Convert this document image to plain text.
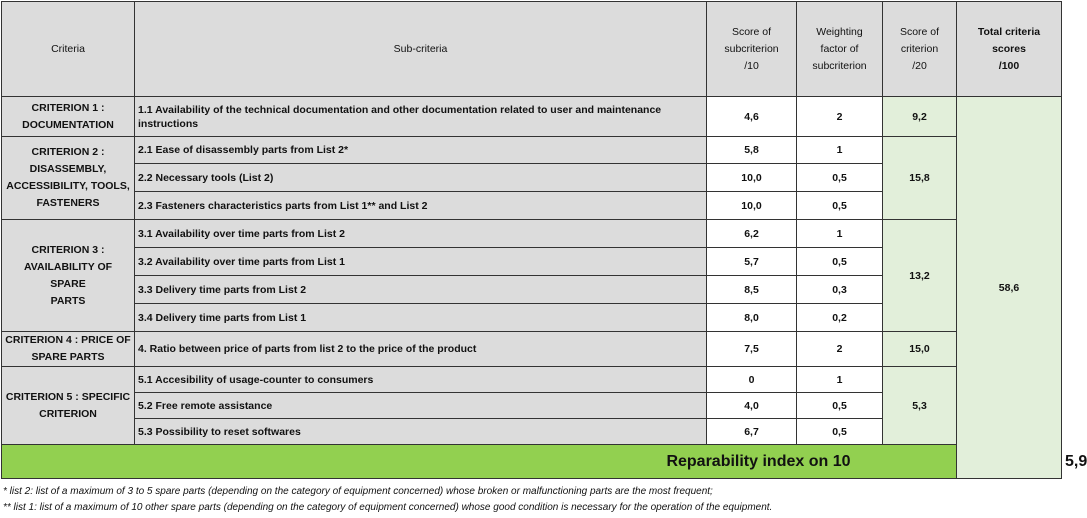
Criteria	Sub-criteria	Score of
subcriterion
/10	Weighting
factor of
subcriterion	Score of
criterion
/20	Total criteria scores
/100	
CRITERION 1 :
DOCUMENTATION	1.1 Availability of the technical documentation and other documentation related to user and maintenance instructions	4,6	2	9,2	58,6	
CRITERION 2 :
DISASSEMBLY,
ACCESSIBILITY, TOOLS,
FASTENERS	2.1 Ease of disassembly parts from List 2*	5,8	1	15,8		
	2.2 Necessary tools (List 2)	10,0	0,5			
	2.3 Fasteners characteristics parts from List 1** and List 2	10,0	0,5			
CRITERION 3 :
AVAILABILITY OF SPARE
PARTS	3.1 Availability over time parts from List 2	6,2	1	13,2		
	3.2 Availability over time parts from List 1	5,7	0,5			
	3.3 Delivery time parts from List 2	8,5	0,3			
	3.4 Delivery time parts from List 1	8,0	0,2			
CRITERION 4 : PRICE OF
SPARE PARTS	4. Ratio between price of parts from list 2 to the price of the product	7,5	2	15,0		
CRITERION 5 : SPECIFIC
CRITERION	5.1 Accesibility of usage-counter to consumers	0	1	5,3		
	5.2 Free remote assistance	4,0	0,5			
	5.3 Possibility to reset softwares	6,7	0,5			
Reparability index on 10						5,9
* list 2: list of a maximum of 3 to 5 spare parts (depending on the category of equipment concerned) whose broken or malfunctioning parts are the most frequent;
** list 1: list of a maximum of 10 other spare parts (depending on the category of equipment concerned) whose good condition is necessary for the operation of the equipment.
